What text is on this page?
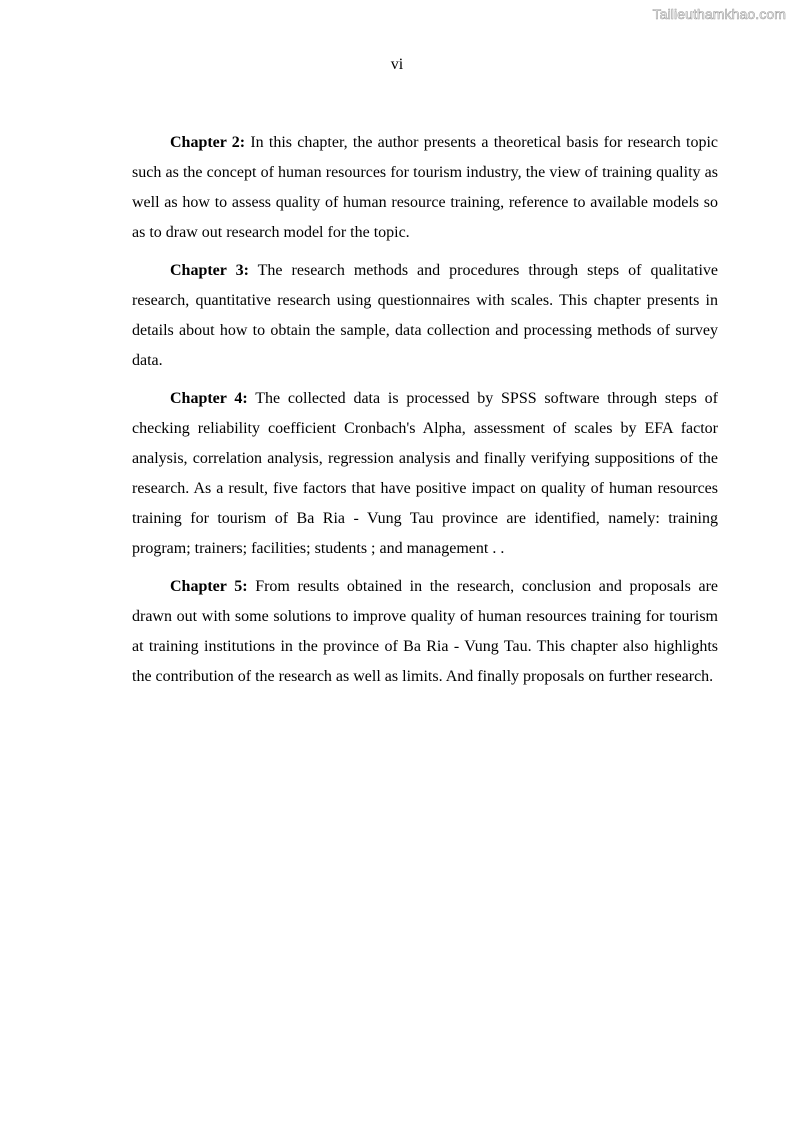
Tailieuthamkhao.com
vi

Chapter 2: In this chapter, the author presents a theoretical basis for research topic such as the concept of human resources for tourism industry, the view of training quality as well as how to assess quality of human resource training, reference to available models so as to draw out research model for the topic.

Chapter 3: The research methods and procedures through steps of qualitative research, quantitative research using questionnaires with scales. This chapter presents in details about how to obtain the sample, data collection and processing methods of survey data.

Chapter 4: The collected data is processed by SPSS software through steps of checking reliability coefficient Cronbach's Alpha, assessment of scales by EFA factor analysis, correlation analysis, regression analysis and finally verifying suppositions of the research. As a result, five factors that have positive impact on quality of human resources training for tourism of Ba Ria - Vung Tau province are identified, namely: training program; trainers; facilities; students ; and management . .

Chapter 5: From results obtained in the research, conclusion and proposals are drawn out with some solutions to improve quality of human resources training for tourism at training institutions in the province of Ba Ria - Vung Tau. This chapter also highlights the contribution of the research as well as limits. And finally proposals on further research.
